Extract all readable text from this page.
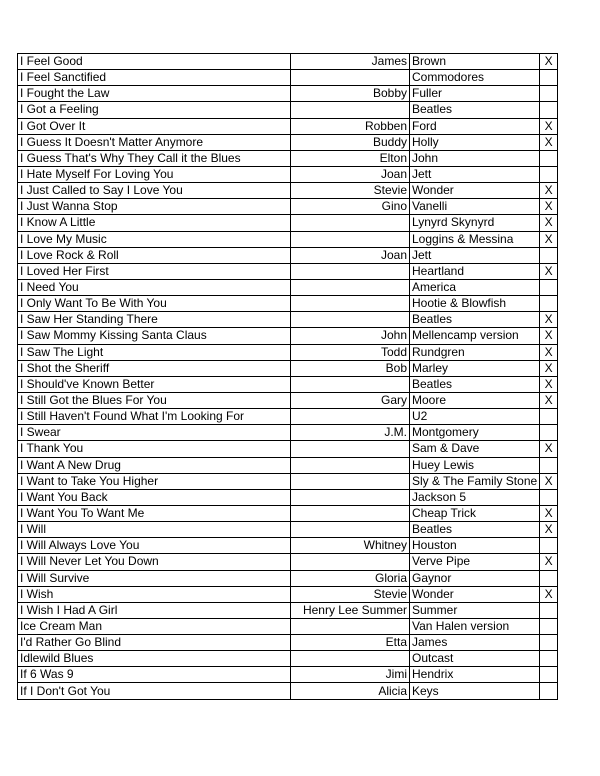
I Feel Good	James	Brown	X
I Feel Sanctified		Commodores	
I Fought the Law	Bobby	Fuller	
I Got a Feeling		Beatles	
I Got Over It	Robben	Ford	X
I Guess It Doesn't Matter Anymore	Buddy	Holly	X
I Guess That's Why They Call it the Blues	Elton	John	
I Hate Myself For Loving You	Joan	Jett	
I Just Called to Say I Love You	Stevie	Wonder	X
I Just Wanna Stop	Gino	Vanelli	X
I Know A Little		Lynyrd Skynyrd	X
I Love My Music		Loggins & Messina	X
I Love Rock & Roll	Joan	Jett	
I Loved Her First		Heartland	X
I Need You		America	
I Only Want To Be With You		Hootie & Blowfish	
I Saw Her Standing There		Beatles	X
I Saw Mommy Kissing Santa Claus	John	Mellencamp version	X
I Saw The Light	Todd	Rundgren	X
I Shot the Sheriff	Bob	Marley	X
I Should've Known Better		Beatles	X
I Still Got the Blues For You	Gary	Moore	X
I Still Haven't Found What I'm Looking For		U2	
I Swear	J.M.	Montgomery	
I Thank You		Sam & Dave	X
I Want A New Drug		Huey Lewis	
I Want to Take You Higher		Sly & The Family Stone	X
I Want You Back		Jackson 5	
I Want You To Want Me		Cheap Trick	X
I Will		Beatles	X
I Will Always Love You	Whitney	Houston	
I Will Never Let You Down		Verve Pipe	X
I Will Survive	Gloria	Gaynor	
I Wish	Stevie	Wonder	X
I Wish I Had A Girl	Henry Lee Summer	Summer	
Ice Cream Man		Van Halen version	
I'd Rather Go Blind	Etta	James	
Idlewild Blues		Outcast	
If 6 Was 9	Jimi	Hendrix	
If I Don't Got You	Alicia	Keys	
